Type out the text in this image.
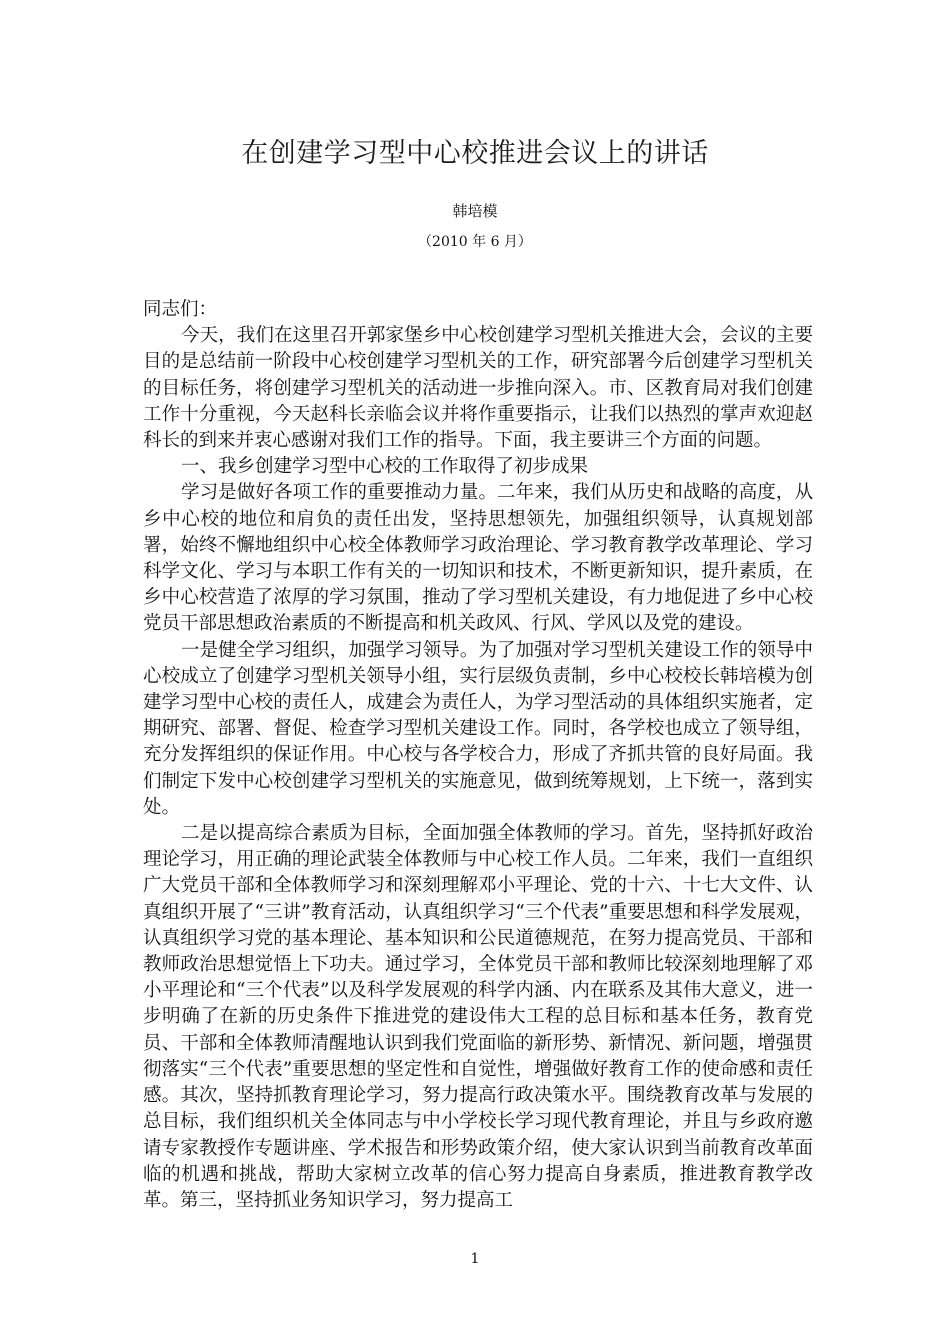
在创建学习型中心校推进会议上的讲话
韩培模
（2010 年 6 月）

同志们：

今天，我们在这里召开郭家堡乡中心校创建学习型机关推进大会，会议的主要目的是总结前一阶段中心校创建学习型机关的工作，研究部署今后创建学习型机关的目标任务，将创建学习型机关的活动进一步推向深入。市、区教育局对我们创建工作十分重视，今天赵科长亲临会议并将作重要指示，让我们以热烈的掌声欢迎赵科长的到来并衷心感谢对我们工作的指导。下面，我主要讲三个方面的问题。

一、我乡创建学习型中心校的工作取得了初步成果

学习是做好各项工作的重要推动力量。二年来，我们从历史和战略的高度，从乡中心校的地位和肩负的责任出发，坚持思想领先，加强组织领导，认真规划部署，始终不懈地组织中心校全体教师学习政治理论、学习教育教学改革理论、学习科学文化、学习与本职工作有关的一切知识和技术，不断更新知识，提升素质，在乡中心校营造了浓厚的学习氛围，推动了学习型机关建设，有力地促进了乡中心校党员干部思想政治素质的不断提高和机关政风、行风、学风以及党的建设。

一是健全学习组织，加强学习领导。为了加强对学习型机关建设工作的领导中心校成立了创建学习型机关领导小组，实行层级负责制，乡中心校校长韩培模为创建学习型中心校的责任人，成建会为责任人，为学习型活动的具体组织实施者，定期研究、部署、督促、检查学习型机关建设工作。同时，各学校也成立了领导组，充分发挥组织的保证作用。中心校与各学校合力，形成了齐抓共管的良好局面。我们制定下发中心校创建学习型机关的实施意见，做到统筹规划，上下统一，落到实处。

二是以提高综合素质为目标，全面加强全体教师的学习。首先，坚持抓好政治理论学习，用正确的理论武装全体教师与中心校工作人员。二年来，我们一直组织广大党员干部和全体教师学习和深刻理解邓小平理论、党的十六、十七大文件、认真组织开展了“三讲”教育活动，认真组织学习“三个代表”重要思想和科学发展观，认真组织学习党的基本理论、基本知识和公民道德规范，在努力提高党员、干部和教师政治思想觉悟上下功夫。通过学习，全体党员干部和教师比较深刻地理解了邓小平理论和“三个代表”以及科学发展观的科学内涵、内在联系及其伟大意义，进一步明确了在新的历史条件下推进党的建设伟大工程的总目标和基本任务，教育党员、干部和全体教师清醒地认识到我们党面临的新形势、新情况、新问题，增强贯彻落实“三个代表”重要思想的坚定性和自觉性，增强做好教育工作的使命感和责任感。其次，坚持抓教育理论学习，努力提高行政决策水平。围绕教育改革与发展的总目标，我们组织机关全体同志与中小学校长学习现代教育理论，并且与乡政府邀请专家教授作专题讲座、学术报告和形势政策介绍，使大家认识到当前教育改革面临的机遇和挑战，帮助大家树立改革的信心努力提高自身素质，推进教育教学改革。第三，坚持抓业务知识学习，努力提高工

1
